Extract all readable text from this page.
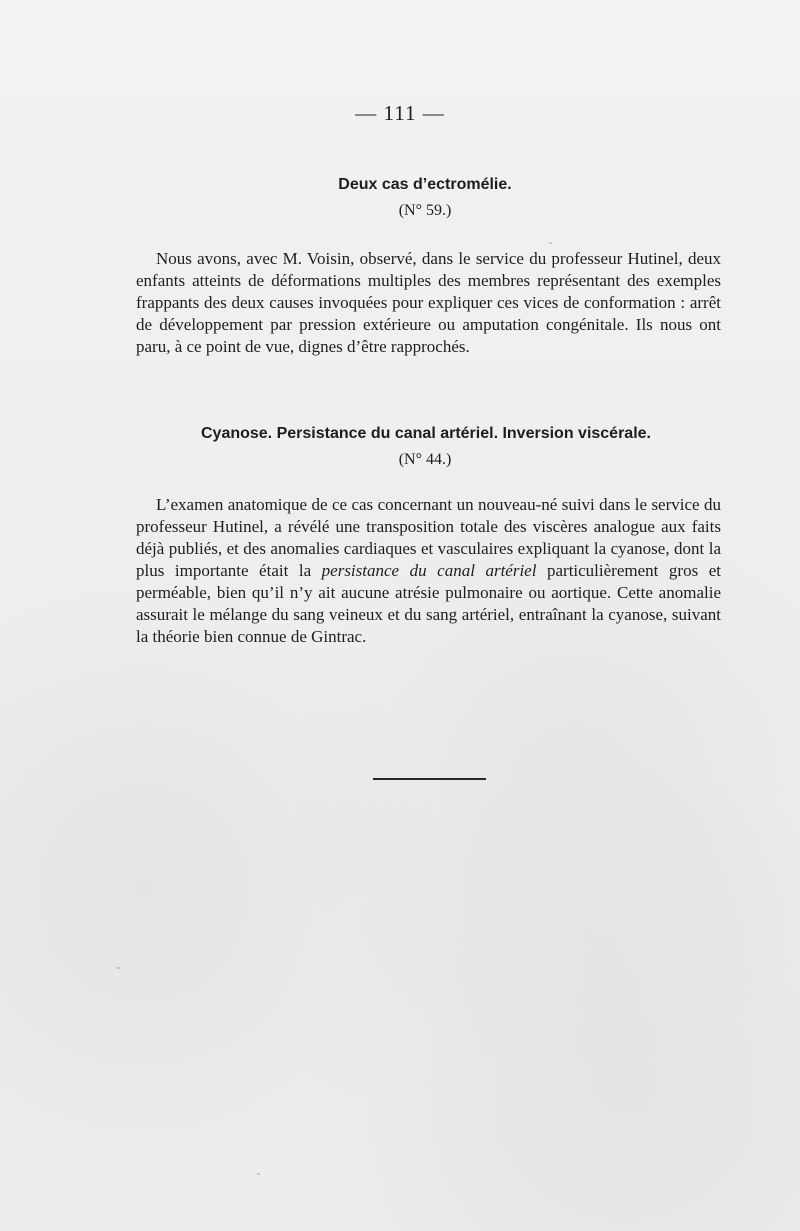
— 111 —
Deux cas d’ectromélie.
(N° 59.)

Nous avons, avec M. Voisin, observé, dans le service du professeur Hutinel, deux enfants atteints de déformations multiples des membres représentant des exemples frappants des deux causes invoquées pour expliquer ces vices de conformation : arrêt de développement par pression extérieure ou amputation congénitale. Ils nous ont paru, à ce point de vue, dignes d’être rapprochés.

Cyanose. Persistance du canal artériel. Inversion viscérale.
(N° 44.)

L’examen anatomique de ce cas concernant un nouveau-né suivi dans le service du professeur Hutinel, a révélé une transposition totale des viscères analogue aux faits déjà publiés, et des anomalies cardiaques et vasculaires expliquant la cyanose, dont la plus importante était la persistance du canal artériel particulièrement gros et perméable, bien qu’il n’y ait aucune atrésie pulmonaire ou aortique. Cette anomalie assurait le mélange du sang veineux et du sang artériel, entraînant la cyanose, suivant la théorie bien connue de Gintrac.
